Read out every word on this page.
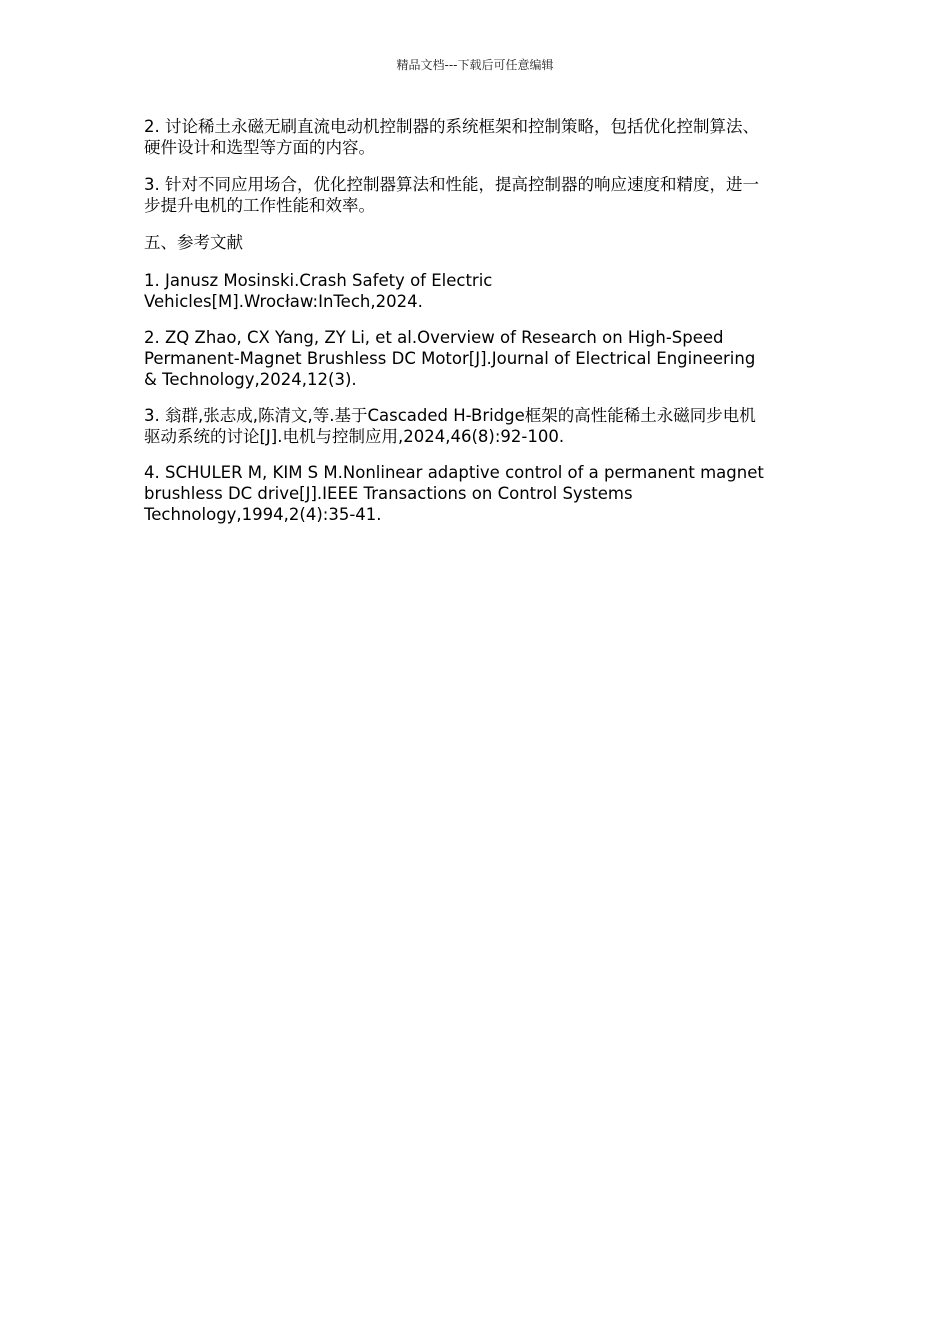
精品文档---下载后可任意编辑

2. 讨论稀土永磁无刷直流电动机控制器的系统框架和控制策略，包括优化控制算法、
硬件设计和选型等方面的内容。

3. 针对不同应用场合，优化控制器算法和性能，提高控制器的响应速度和精度，进一
步提升电机的工作性能和效率。

五、参考文献

1. Janusz Mosinski.Crash Safety of Electric
Vehicles[M].Wrocław:InTech,2024.

2. ZQ Zhao, CX Yang, ZY Li, et al.Overview of Research on High-Speed
Permanent-Magnet Brushless DC Motor[J].Journal of Electrical Engineering
& Technology,2024,12(3).

3. 翁群,张志成,陈清文,等.基于Cascaded H-Bridge框架的高性能稀土永磁同步电机
驱动系统的讨论[J].电机与控制应用,2024,46(8):92-100.

4. SCHULER M, KIM S M.Nonlinear adaptive control of a permanent magnet
brushless DC drive[J].IEEE Transactions on Control Systems
Technology,1994,2(4):35-41.
